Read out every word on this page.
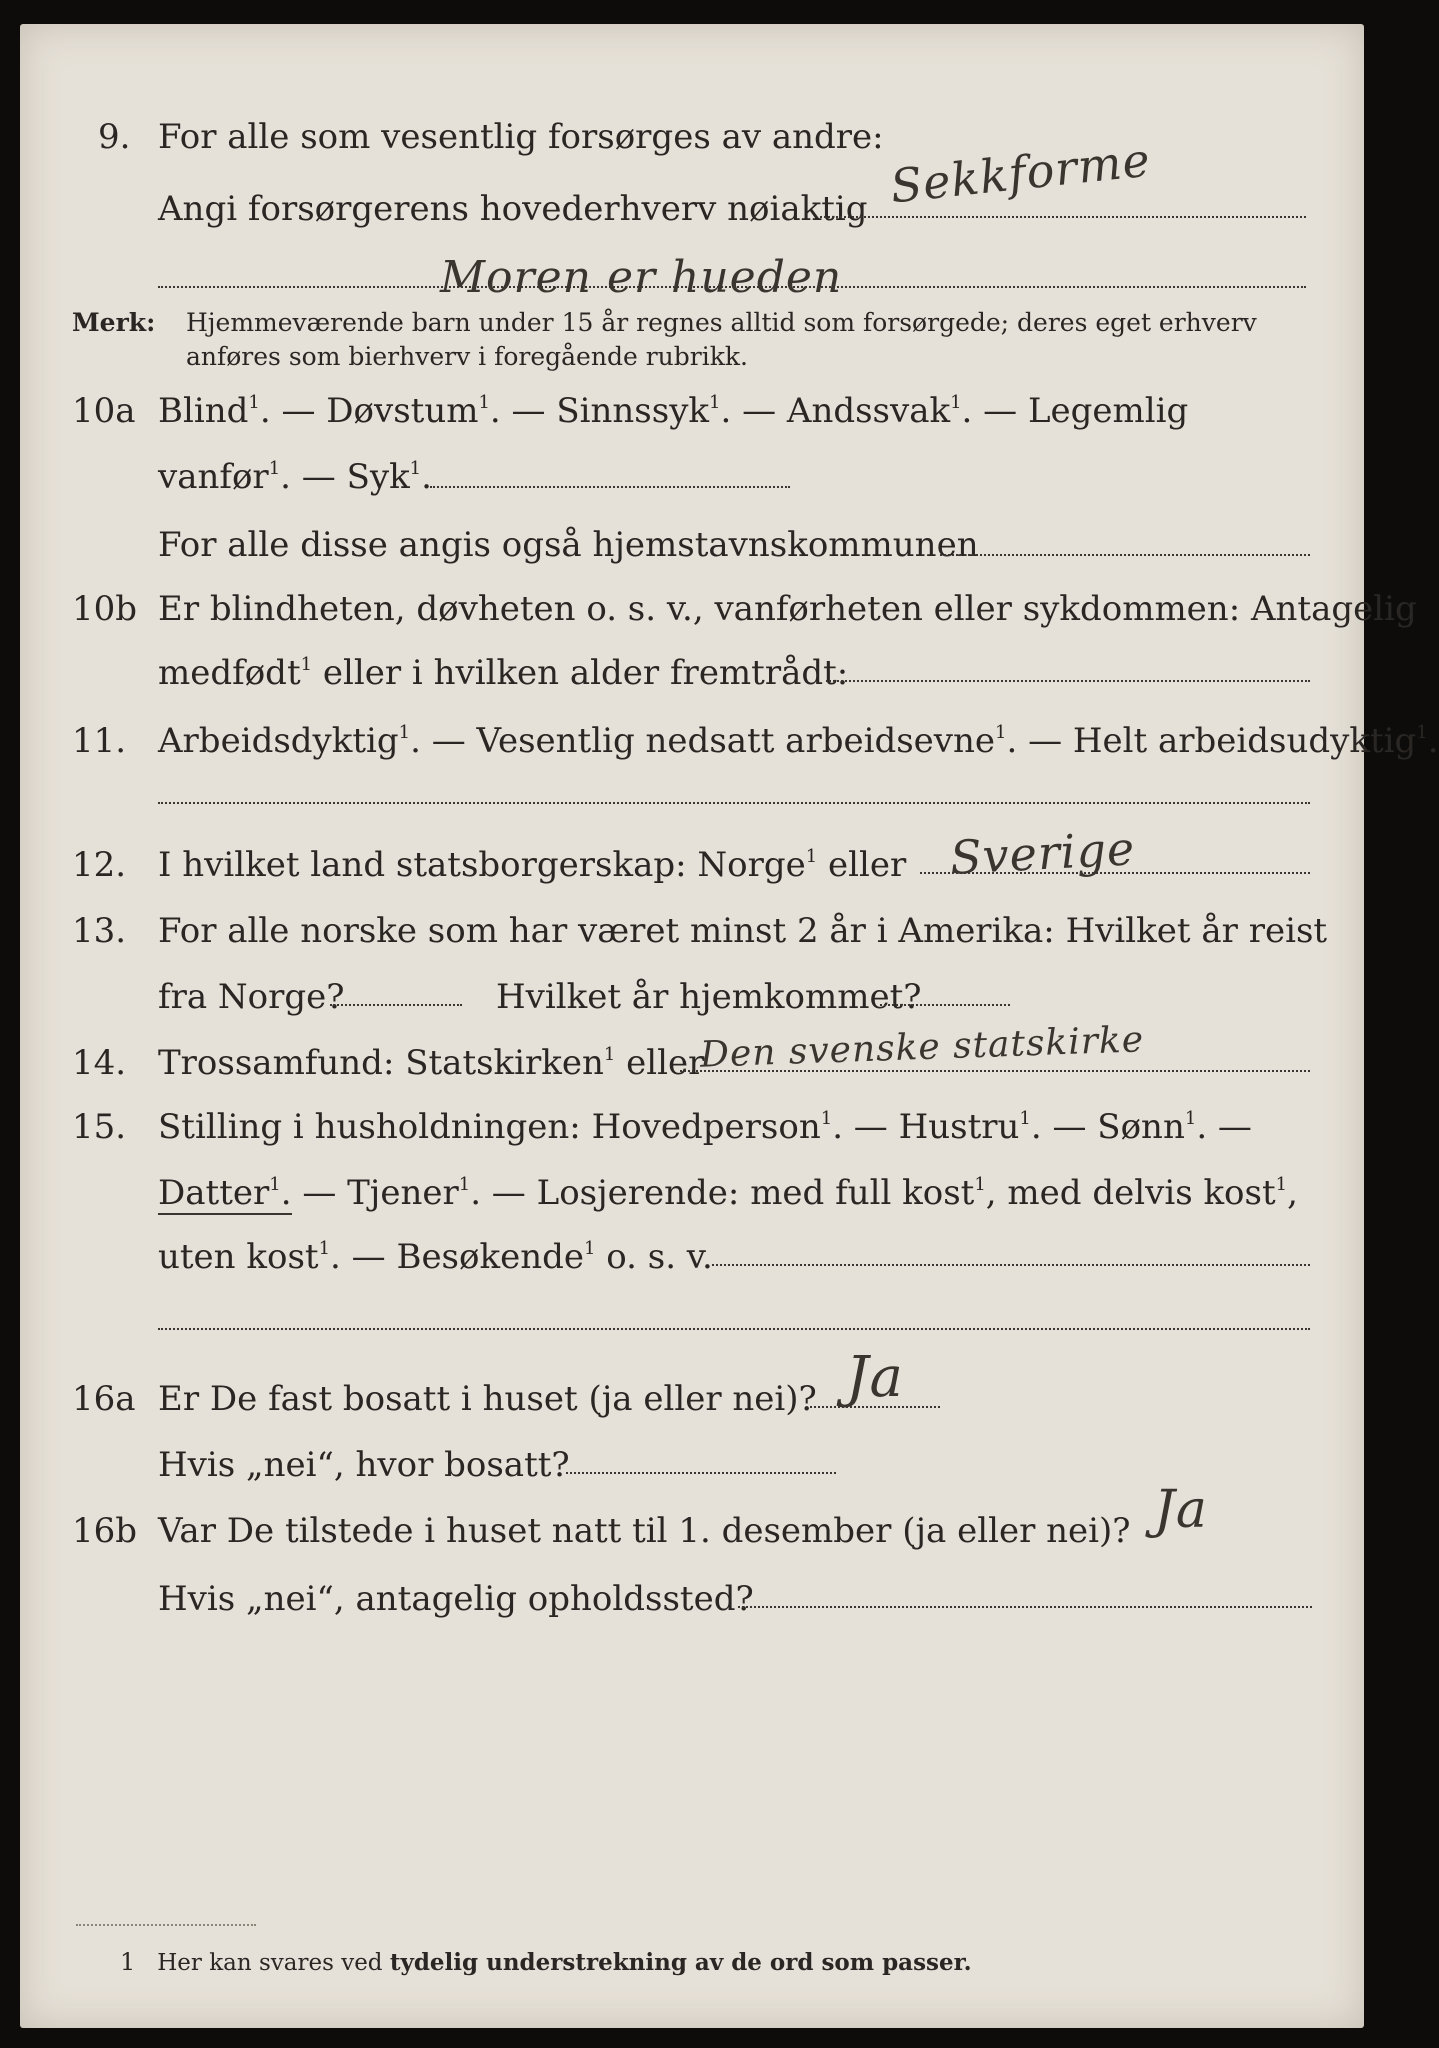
9. For alle som vesentlig forsørges av andre: Sekkforme
Angi forsørgerens hovederhverv nøiaktig
Moren er hueden
Merk: Hjemmeværende barn under 15 år regnes alltid som forsørgede; deres eget erhverv
anføres som bierhverv i foregående rubrikk.
10a Blind$^1$. — Døvstum$^1$. — Sinnssyk$^1$. — Andssvak$^1$. — Legemlig
vanfør$^1$. — Syk$^1$.
For alle disse angis også hjemstavnskommunen
10b Er blindheten, døvheten o. s. v., vanførheten eller sykdommen: Antagelig
medfødt$^1$ eller i hvilken alder fremtrådt:
11. Arbeidsdyktig$^1$. — Vesentlig nedsatt arbeidsevne$^1$. — Helt arbeidsudyktig$^1$.
12. I hvilket land statsborgerskap: Norge$^1$ eller Sverige
13. For alle norske som har været minst 2 år i Amerika: Hvilket år reist
fra Norge?	Hvilket år hjemkommet?
14. Trossamfund: Statskirken$^1$ eller
Den svenske statskirke
15. Stilling i husholdningen: Hovedperson$^1$. — Hustru$^1$. — Sønn$^1$. —
Datter$^1$. — Tjener$^1$. — Losjerende: med full kost$^1$, med delvis kost$^1$,
uten kost$^1$. — Besøkende$^1$ o. s. v.
16a Er De fast bosatt i huset (ja eller nei)? Ja
Hvis „nei“, hvor bosatt?
16b Var De tilstede i huset natt til 1. desember (ja eller nei)? Ja
Hvis „nei“, antagelig opholdssted?
1 Her kan svares ved tydelig understrekning av de ord som passer.
